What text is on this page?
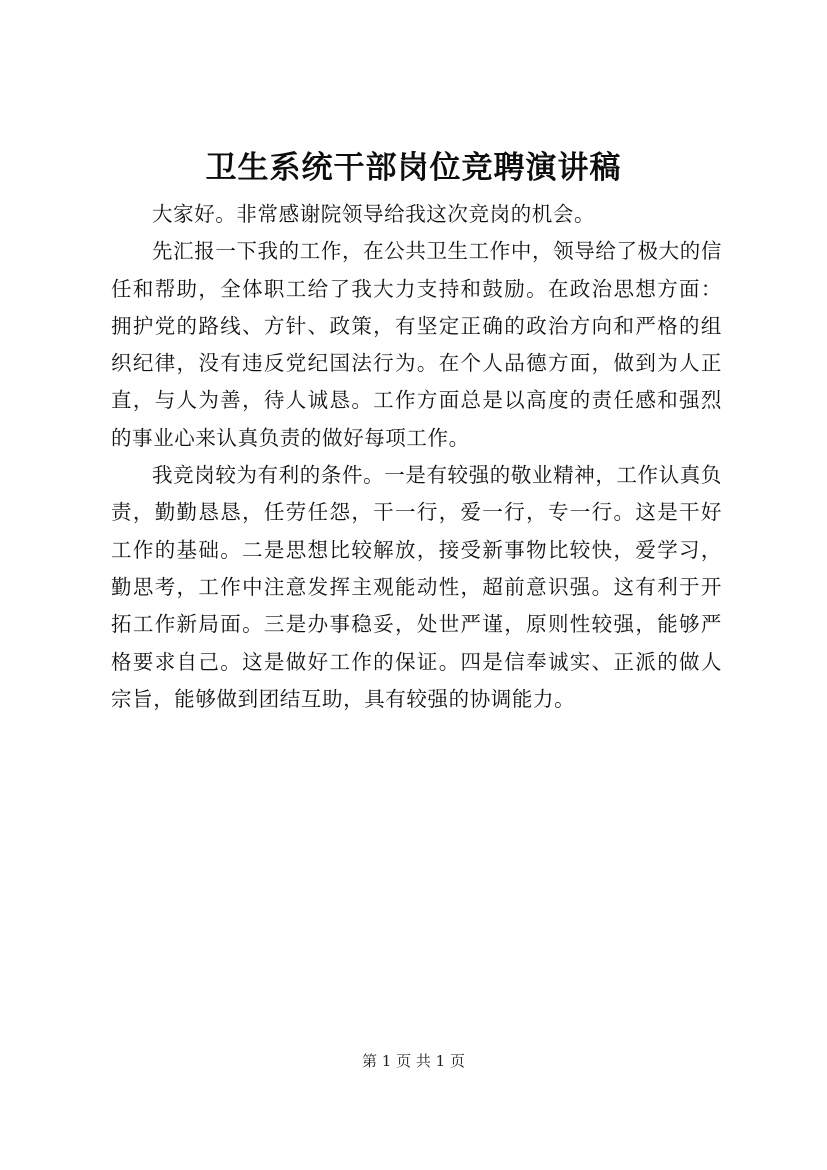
卫生系统干部岗位竞聘演讲稿

大家好。非常感谢院领导给我这次竞岗的机会。

先汇报一下我的工作，在公共卫生工作中，领导给了极大的信任和帮助，全体职工给了我大力支持和鼓励。在政治思想方面：拥护党的路线、方针、政策，有坚定正确的政治方向和严格的组织纪律，没有违反党纪国法行为。在个人品德方面，做到为人正直，与人为善，待人诚恳。工作方面总是以高度的责任感和强烈的事业心来认真负责的做好每项工作。

我竞岗较为有利的条件。一是有较强的敬业精神，工作认真负责，勤勤恳恳，任劳任怨，干一行，爱一行，专一行。这是干好工作的基础。二是思想比较解放，接受新事物比较快，爱学习，勤思考，工作中注意发挥主观能动性，超前意识强。这有利于开拓工作新局面。三是办事稳妥，处世严谨，原则性较强，能够严格要求自己。这是做好工作的保证。四是信奉诚实、正派的做人宗旨，能够做到团结互助，具有较强的协调能力。

第 1 页 共 1 页
